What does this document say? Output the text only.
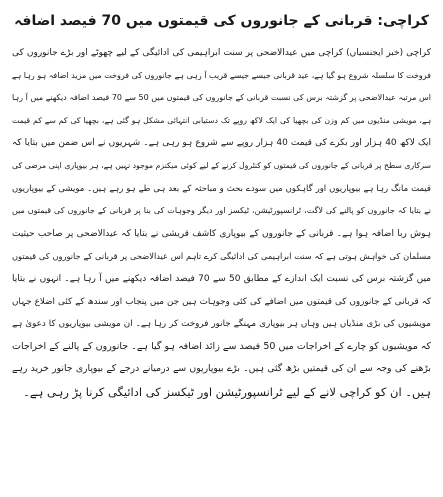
کراچی: قربانی کے جانوروں کی قیمتوں میں 70 فیصد اضافہ
کراچی (خبر ایجنسیاں) کراچی میں عیدالاضحی پر سنت ابراہیمی کی ادائیگی کے لیے چھوٹے اور بڑے جانوروں کی
فروخت کا سلسلہ شروع ہو گیا ہے، عید قربانی جیسے جیسے قریب آ رہی ہے جانوروں کی فروخت میں مزید اضافہ ہو رہا ہے
اس مرتبہ عیدالاضحی پر گزشتہ برس کی نسبت قربانی کے جانوروں کی قیمتوں میں 50 سے 70 فیصد اضافہ دیکھنے میں آ رہا
ہے، مویشی منڈیوں میں کم وزن کی بچھیا کی ایک لاکھ روپے تک دستیابی انتہائی مشکل ہو گئی ہے، بچھیا کی کم سے کم قیمت
ایک لاکھ 40 ہزار اور بکرے کی قیمت 40 ہزار روپے سے شروع ہو رہی ہے۔ شہریوں نے اس ضمن میں بتایا کہ
سرکاری سطح پر قربانی کے جانوروں کی قیمتوں کو کنٹرول کرنے کے لیے کوئی میکنزم موجود نہیں ہے، ہر بیوپاری اپنی مرضی کی
قیمت مانگ رہا ہے بیوپاریوں اور گاہکوں میں سودے بحث و مباحثہ کے بعد ہی طے ہو رہے ہیں۔ مویشی کے بیوپاریوں
نے بتایا کہ جانوروں کو پالنے کی لاگت، ٹرانسپورٹیشن، ٹیکسز اور دیگر وجوہات کی بنا پر قربانی کے جانوروں کی قیمتوں میں
ہوش ربا اضافہ ہوا ہے۔ قربانی کے جانوروں کے بیوپاری کاشف قریشی نے بتایا کہ عیدالاضحی پر صاحب حیثیت
مسلمان کی خواہش ہوتی ہے کہ سنت ابراہیمی کی ادائیگی کرے تاہم اس عیدالاضحی پر قربانی کے جانوروں کی قیمتوں
میں گزشتہ برس کی نسبت ایک اندازے کے مطابق 50 سے 70 فیصد اضافہ دیکھنے میں آ رہا ہے۔ انہوں نے بتایا
کہ قربانی کے جانوروں کی قیمتوں میں اضافے کی کئی وجوہات ہیں جن میں پنجاب اور سندھ کے کئی اضلاع جہاں
مویشیوں کی بڑی منڈیاں ہیں وہاں ہر بیوپاری مہنگے جانور فروخت کر رہا ہے۔ ان مویشی بیوپاریوں کا دعویٰ ہے
کہ مویشیوں کو چارے کے اخراجات میں 50 فیصد سے زائد اضافہ ہو گیا ہے۔ جانوروں کے پالنے کے اخراجات
بڑھنے کی وجہ سے ان کی قیمتیں بڑھ گئی ہیں۔ بڑے بیوپاریوں سے درمیانے درجے کے بیوپاری جانور خرید رہے
ہیں۔ ان کو کراچی لانے کے لیے ٹرانسپورٹیشن اور ٹیکسز کی ادائیگی کرنا پڑ رہی ہے۔
